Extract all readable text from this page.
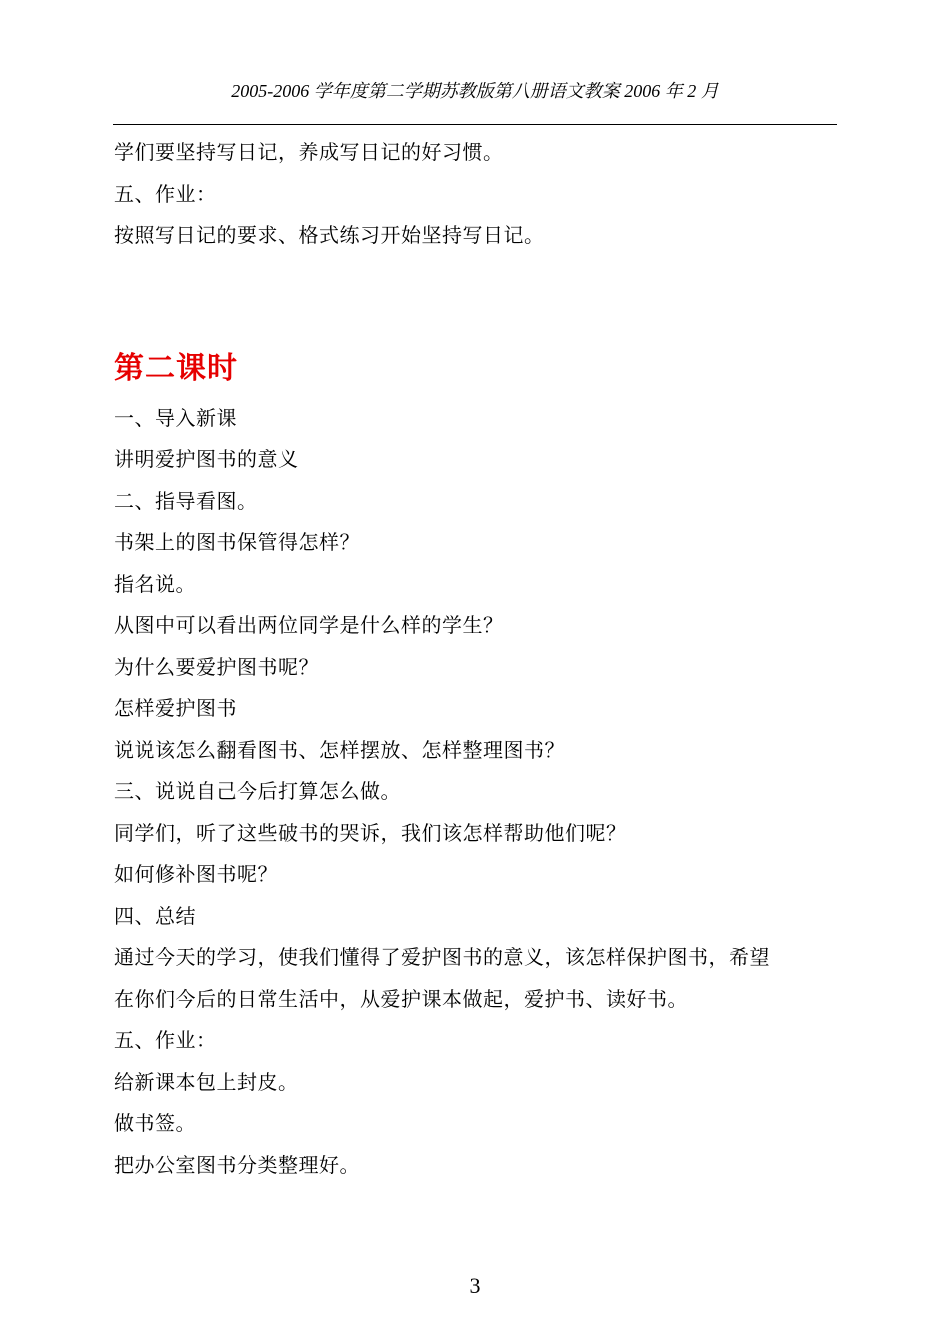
2005-2006 学年度第二学期苏教版第八册语文教案 2006 年 2 月
学们要坚持写日记，养成写日记的好习惯。
五、作业：
按照写日记的要求、格式练习开始坚持写日记。
第二课时
一、导入新课
讲明爱护图书的意义
二、指导看图。
书架上的图书保管得怎样？
指名说。
从图中可以看出两位同学是什么样的学生？
为什么要爱护图书呢？
怎样爱护图书
说说该怎么翻看图书、怎样摆放、怎样整理图书？
三、说说自己今后打算怎么做。
同学们，听了这些破书的哭诉，我们该怎样帮助他们呢？
如何修补图书呢？
四、总结
通过今天的学习，使我们懂得了爱护图书的意义，该怎样保护图书，希望
在你们今后的日常生活中，从爱护课本做起，爱护书、读好书。
五、作业：
给新课本包上封皮。
做书签。
把办公室图书分类整理好。
3
